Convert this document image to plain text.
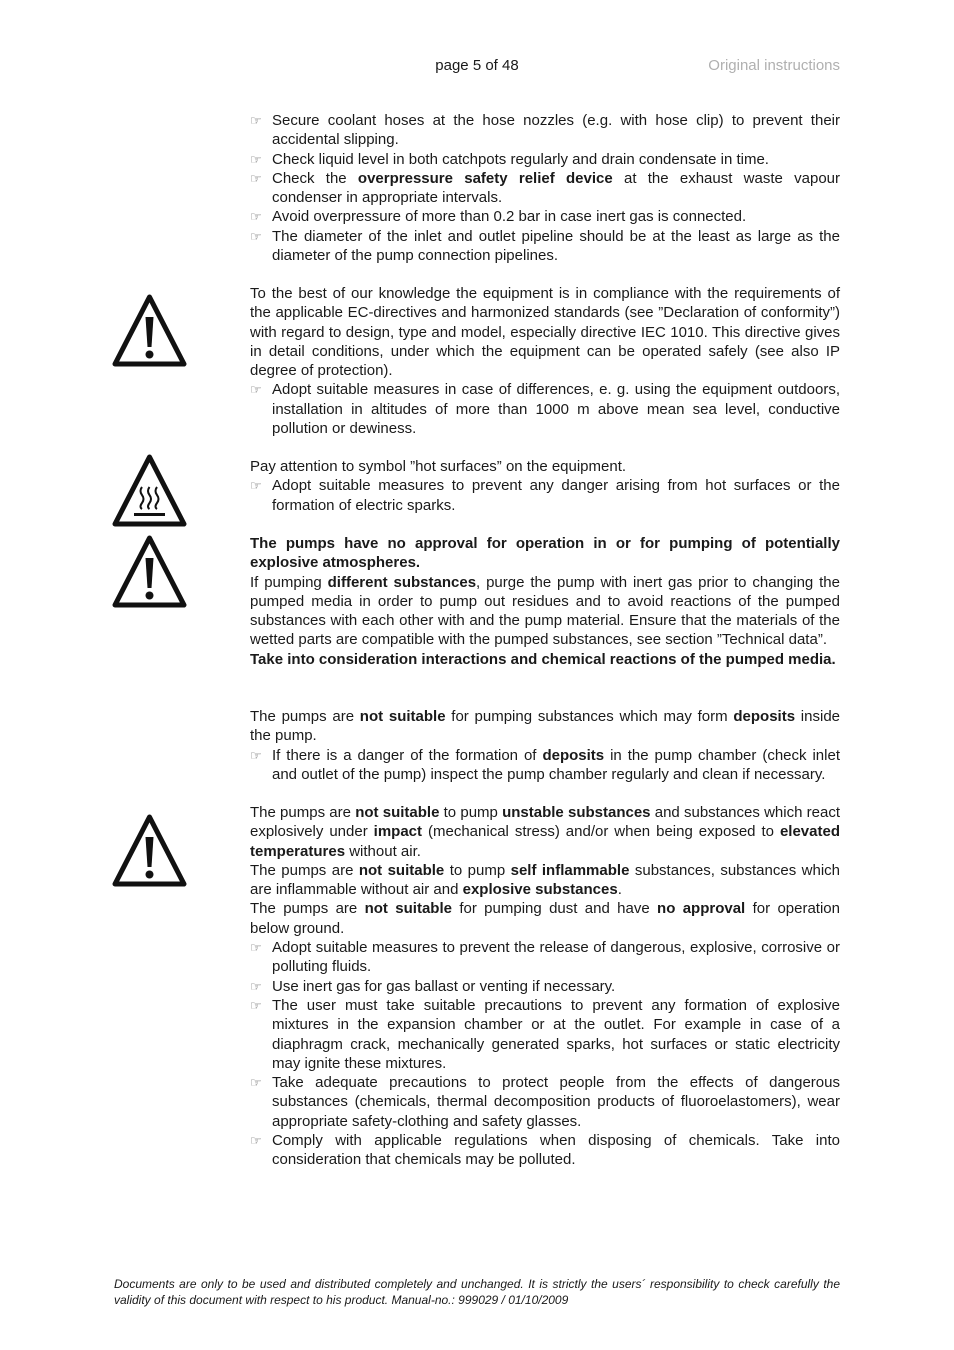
page 5 of 48	Original instructions

☞ Secure coolant hoses at the hose nozzles (e.g. with hose clip) to prevent their accidental slipping.

☞ Check liquid level in both catchpots regularly and drain condensate in time.

☞ Check the overpressure safety relief device at the exhaust waste vapour condenser in appropriate intervals.

☞ Avoid overpressure of more than 0.2 bar in case inert gas is connected.

☞ The diameter of the inlet and outlet pipeline should be at the least as large as the diameter of the pump connection pipelines.

To the best of our knowledge the equipment is in compliance with the requirements of the applicable EC-directives and harmonized standards (see ”Declaration of conformity”) with regard to design, type and model, especially directive IEC 1010. This directive gives in detail conditions, under which the equipment can be operated safely (see also IP degree of protection).

☞ Adopt suitable measures in case of differences, e. g. using the equipment outdoors, installation in altitudes of more than 1000 m above mean sea level, conductive pollution or dewiness.

Pay attention to symbol ”hot surfaces” on the equipment.

☞ Adopt suitable measures to prevent any danger arising from hot surfaces or the formation of electric sparks.

The pumps have no approval for operation in or for pumping of potentially explosive atmospheres.

If pumping different substances, purge the pump with inert gas prior to changing the pumped media in order to pump out residues and to avoid reactions of the pumped substances with each other with and the pump material. Ensure that the materials of the wetted parts are compatible with the pumped substances, see section ”Technical data”.

Take into consideration interactions and chemical reactions of the pumped media.

The pumps are not suitable for pumping substances which may form deposits inside the pump.

☞ If there is a danger of the formation of deposits in the pump chamber (check inlet and outlet of the pump) inspect the pump chamber regularly and clean if necessary.

The pumps are not suitable to pump unstable substances and substances which react explosively under impact (mechanical stress) and/or when being exposed to elevated temperatures without air.

The pumps are not suitable to pump self inflammable substances, substances which are inflammable without air and explosive substances.

The pumps are not suitable for pumping dust and have no approval for operation below ground.

☞ Adopt suitable measures to prevent the release of dangerous, explosive, corrosive or polluting fluids.

☞ Use inert gas for gas ballast or venting if necessary.

☞ The user must take suitable precautions to prevent any formation of explosive mixtures in the expansion chamber or at the outlet. For example in case of a diaphragm crack, mechanically generated sparks, hot surfaces or static electricity may ignite these mixtures.

☞ Take adequate precautions to protect people from the effects of dangerous substances (chemicals, thermal decomposition products of fluoroelastomers), wear appropriate safety-clothing and safety glasses.

☞ Comply with applicable regulations when disposing of chemicals. Take into consideration that chemicals may be polluted.

Documents are only to be used and distributed completely and unchanged. It is strictly the users´ responsibility to check carefully the validity of this document with respect to his product. Manual-no.: 999029 / 01/10/2009
